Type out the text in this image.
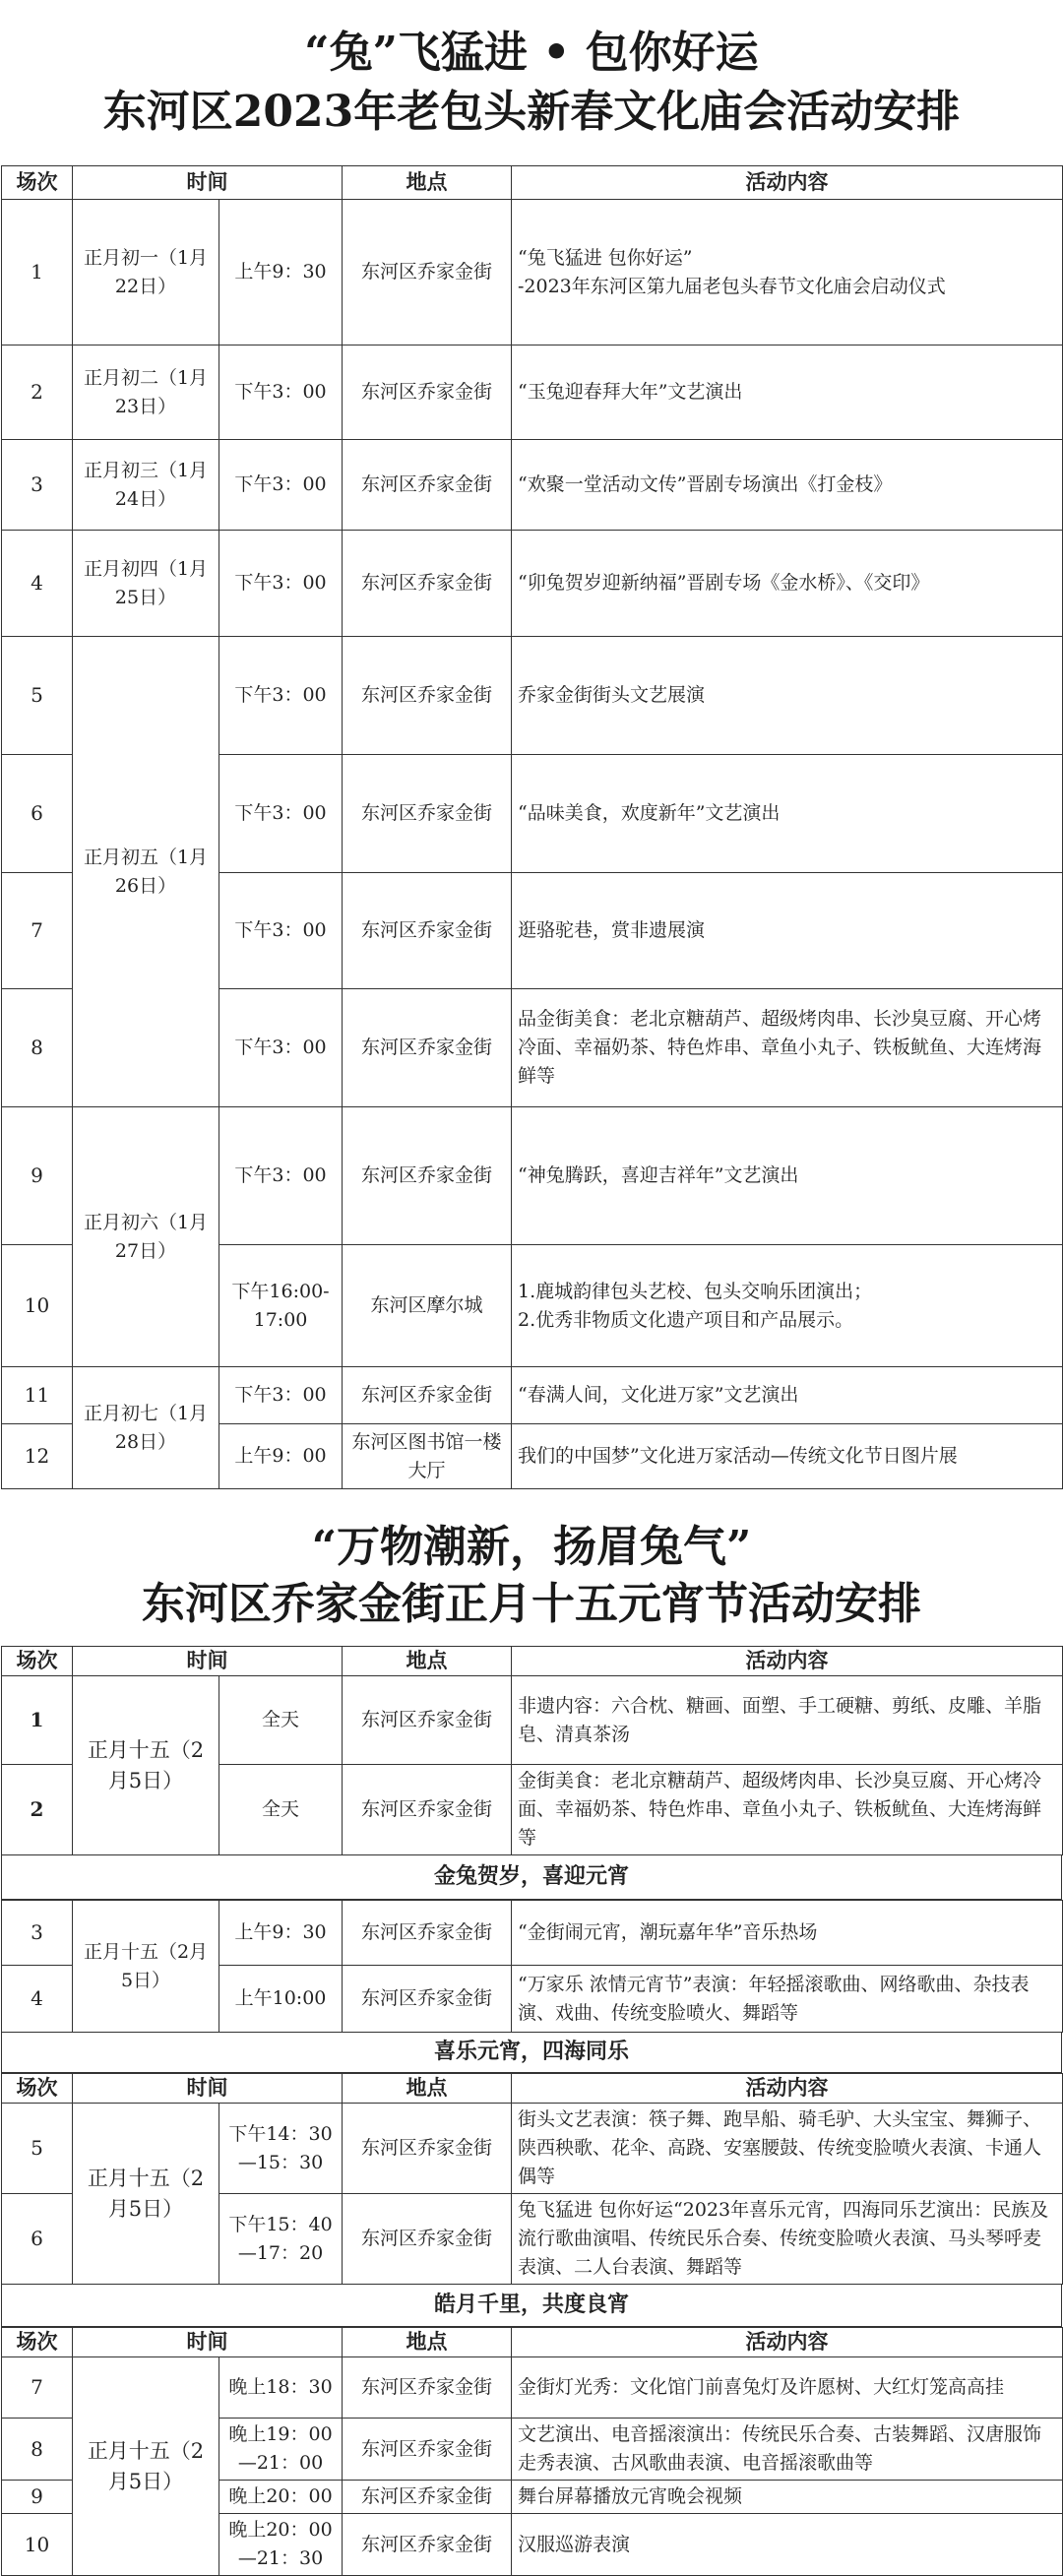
“兔”飞猛进 • 包你好运
东河区2023年老包头新春文化庙会活动安排
场次	时间		地点	活动内容
1	正月初一（1月22日）	上午9：30	东河区乔家金街	“兔飞猛进 包你好运”
-2023年东河区第九届老包头春节文化庙会启动仪式
2	正月初二（1月23日）	下午3：00	东河区乔家金街	“玉兔迎春拜大年”文艺演出
3	正月初三（1月24日）	下午3：00	东河区乔家金街	“欢聚一堂活动文传”晋剧专场演出《打金枝》
4	正月初四（1月25日）	下午3：00	东河区乔家金街	“卯兔贺岁迎新纳福”晋剧专场《金水桥》、《交印》
5	正月初五（1月26日）	下午3：00	东河区乔家金街	乔家金街街头文艺展演
6		下午3：00	东河区乔家金街	“品味美食，欢度新年”文艺演出
7		下午3：00	东河区乔家金街	逛骆驼巷，赏非遗展演
8		下午3：00	东河区乔家金街	品金街美食：老北京糖葫芦、超级烤肉串、长沙臭豆腐、开心烤冷面、幸福奶茶、特色炸串、章鱼小丸子、铁板鱿鱼、大连烤海鲜等
9	正月初六（1月27日）	下午3：00	东河区乔家金街	“神兔腾跃，喜迎吉祥年”文艺演出
10		下午16:00-17:00	东河区摩尔城	1.鹿城韵律包头艺校、包头交响乐团演出；
2.优秀非物质文化遗产项目和产品展示。
11	正月初七（1月28日）	下午3：00	东河区乔家金街	“春满人间，文化进万家”文艺演出
12		上午9：00	东河区图书馆一楼大厅	我们的中国梦”文化进万家活动—传统文化节日图片展
“万物潮新，扬眉兔气”
东河区乔家金街正月十五元宵节活动安排
场次	时间		地点	活动内容
1	正月十五（2月5日）	全天	东河区乔家金街	非遗内容：六合枕、糖画、面塑、手工硬糖、剪纸、皮雕、羊脂皂、清真茶汤
2		全天	东河区乔家金街	金街美食：老北京糖葫芦、超级烤肉串、长沙臭豆腐、开心烤冷面、幸福奶茶、特色炸串、章鱼小丸子、铁板鱿鱼、大连烤海鲜等
金兔贺岁，喜迎元宵
3	正月十五（2月5日）	上午9：30	东河区乔家金街	“金街闹元宵，潮玩嘉年华”音乐热场
4		上午10:00	东河区乔家金街	“万家乐 浓情元宵节”表演：年轻摇滚歌曲、网络歌曲、杂技表演、戏曲、传统变脸喷火、舞蹈等
喜乐元宵，四海同乐
场次	时间		地点	活动内容
5	正月十五（2月5日）	下午14：30—15：30	东河区乔家金街	街头文艺表演：筷子舞、跑旱船、骑毛驴、大头宝宝、舞狮子、陕西秧歌、花伞、高跷、安塞腰鼓、传统变脸喷火表演、卡通人偶等
6		下午15：40—17：20	东河区乔家金街	兔飞猛进 包你好运“2023年喜乐元宵，四海同乐艺演出：民族及流行歌曲演唱、传统民乐合奏、传统变脸喷火表演、马头琴呼麦表演、二人台表演、舞蹈等
皓月千里，共度良宵
场次	时间		地点	活动内容
7	正月十五（2月5日）	晚上18：30	东河区乔家金街	金街灯光秀：文化馆门前喜兔灯及许愿树、大红灯笼高高挂
8		晚上19：00—21：00	东河区乔家金街	文艺演出、电音摇滚演出：传统民乐合奏、古装舞蹈、汉唐服饰走秀表演、古风歌曲表演、电音摇滚歌曲等
9		晚上20：00	东河区乔家金街	舞台屏幕播放元宵晚会视频
10		晚上20：00—21：30	东河区乔家金街	汉服巡游表演
